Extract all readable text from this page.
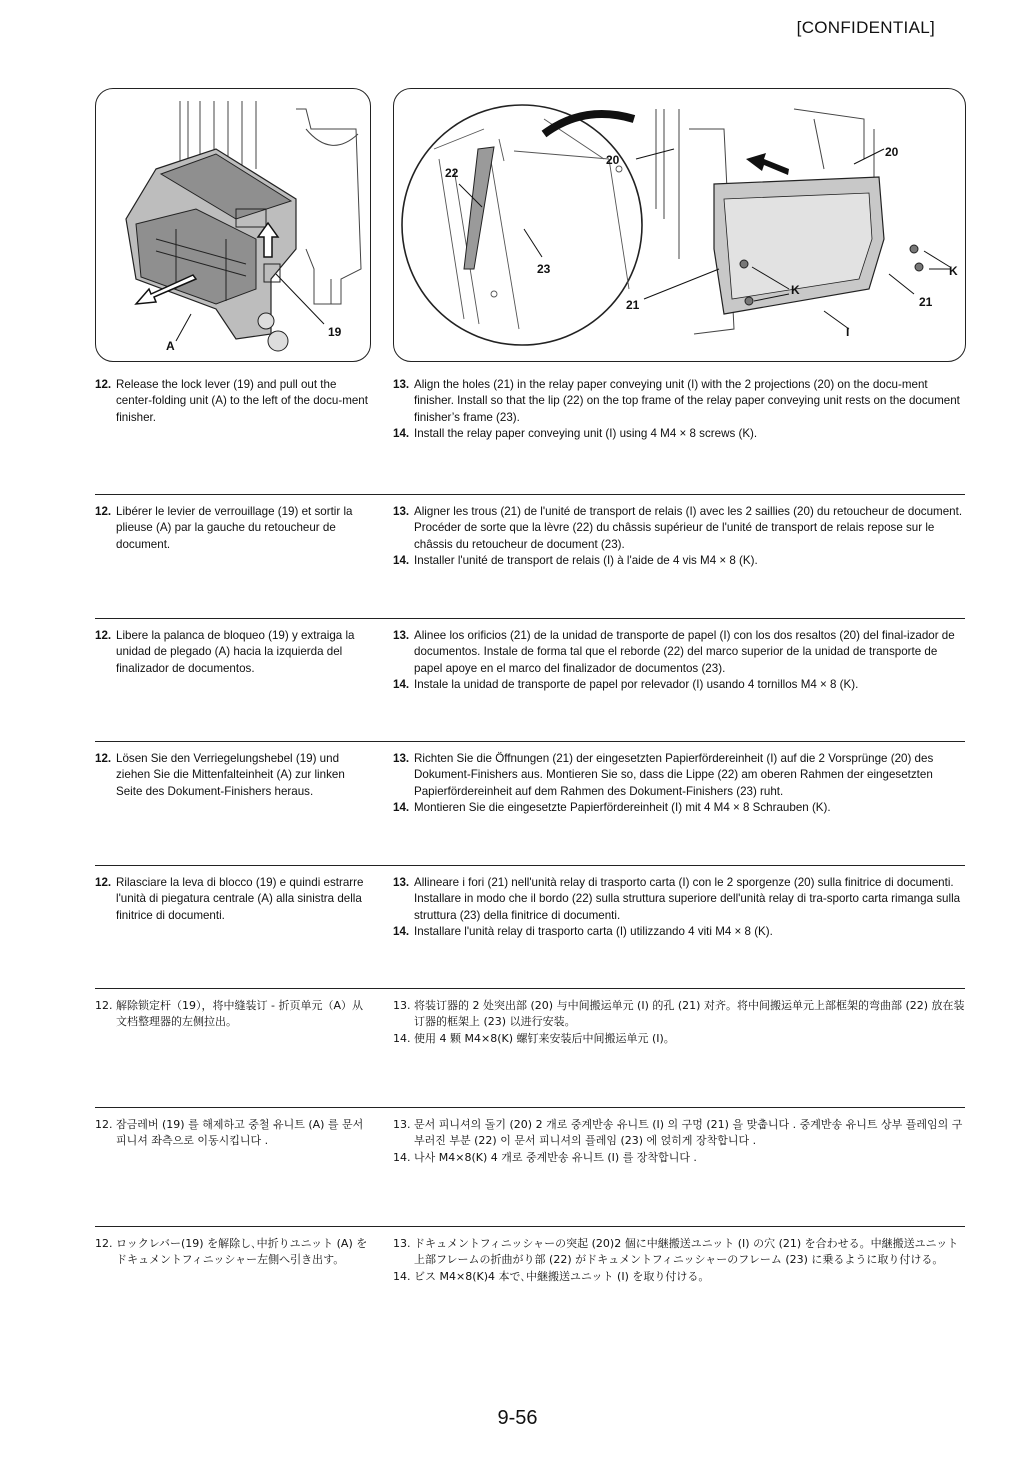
[CONFIDENTIAL]
A
19
22
20
23
20
K
K
21	21
I

12. Release the lock lever (19) and pull out the center-folding unit (A) to the left of the docu-ment finisher.

13. Align the holes (21) in the relay paper conveying unit (I) with the 2 projections (20) on the docu-ment finisher. Install so that the lip (22) on the top frame of the relay paper conveying unit rests on the document finisher’s frame (23).

14. Install the relay paper conveying unit (I) using 4 M4 × 8 screws (K).

12. Libérer le levier de verrouillage (19) et sortir la plieuse (A) par la gauche du retoucheur de document.

13. Aligner les trous (21) de l'unité de transport de relais (I) avec les 2 saillies (20) du retoucheur de document. Procéder de sorte que la lèvre (22) du châssis supérieur de l'unité de transport de relais repose sur le châssis du retoucheur de document (23).

14. Installer l'unité de transport de relais (I) à l'aide de 4 vis M4 × 8 (K).

12. Libere la palanca de bloqueo (19) y extraiga la unidad de plegado (A) hacia la izquierda del finalizador de documentos.

13. Alinee los orificios (21) de la unidad de transporte de papel (I) con los dos resaltos (20) del final-izador de documentos. Instale de forma tal que el reborde (22) del marco superior de la unidad de transporte de papel apoye en el marco del finalizador de documentos (23).

14. Instale la unidad de transporte de papel por relevador (I) usando 4 tornillos M4 × 8 (K).

12. Lösen Sie den Verriegelungshebel (19) und ziehen Sie die Mittenfalteinheit (A) zur linken Seite des Dokument-Finishers heraus.

13. Richten Sie die Öffnungen (21) der eingesetzten Papierfördereinheit (I) auf die 2 Vorsprünge (20) des Dokument-Finishers aus. Montieren Sie so, dass die Lippe (22) am oberen Rahmen der eingesetzten Papierfördereinheit auf dem Rahmen des Dokument-Finishers (23) ruht.

14. Montieren Sie die eingesetzte Papierfördereinheit (I) mit 4 M4 × 8 Schrauben (K).

12. Rilasciare la leva di blocco (19) e quindi estrarre l'unità di piegatura centrale (A) alla sinistra della finitrice di documenti.

13. Allineare i fori (21) nell'unità relay di trasporto carta (I) con le 2 sporgenze (20) sulla finitrice di documenti. Installare in modo che il bordo (22) sulla struttura superiore dell'unità relay di tra-sporto carta rimanga sulla struttura (23) della finitrice di documenti.

14. Installare l'unità relay di trasporto carta (I) utilizzando 4 viti M4 × 8 (K).

12. 解除锁定杆（19），将中缝装订 - 折页单元（A）从文档整理器的左侧拉出。

13. 将装订器的 2 处突出部 (20) 与中间搬运单元 (I) 的孔 (21) 对齐。将中间搬运单元上部框架的弯曲部 (22) 放在装订器的框架上 (23) 以进行安装。

14. 使用 4 颗 M4×8(K) 螺钉来安装后中间搬运单元 (I)。

12. 잠금레버 (19) 를 해제하고 중철 유니트 (A) 를 문서 피니셔 좌측으로 이동시킵니다 .

13. 문서 피니셔의 돌기 (20) 2 개로 중계반송 유니트 (I) 의 구멍 (21) 을 맞춥니다 . 중계반송 유니트 상부 플레임의 구부러진 부분 (22) 이 문서 피니셔의 플레임 (23) 에 얹히게 장착합니다 .

14. 나사 M4×8(K) 4 개로 중계반송 유니트 (I) 를 장착합니다 .

12. ロックレバー(19) を解除し､中折りユニット (A) をドキュメントフィニッシャー左側へ引き出す。

13. ドキュメントフィニッシャーの突起 (20)2 個に中継搬送ユニット (I) の穴 (21) を合わせる。中継搬送ユニット上部フレームの折曲がり部 (22) がドキュメントフィニッシャーのフレーム (23) に乗るように取り付ける。

14. ビス M4×8(K)4 本で､中継搬送ユニット (I) を取り付ける。

9-56
